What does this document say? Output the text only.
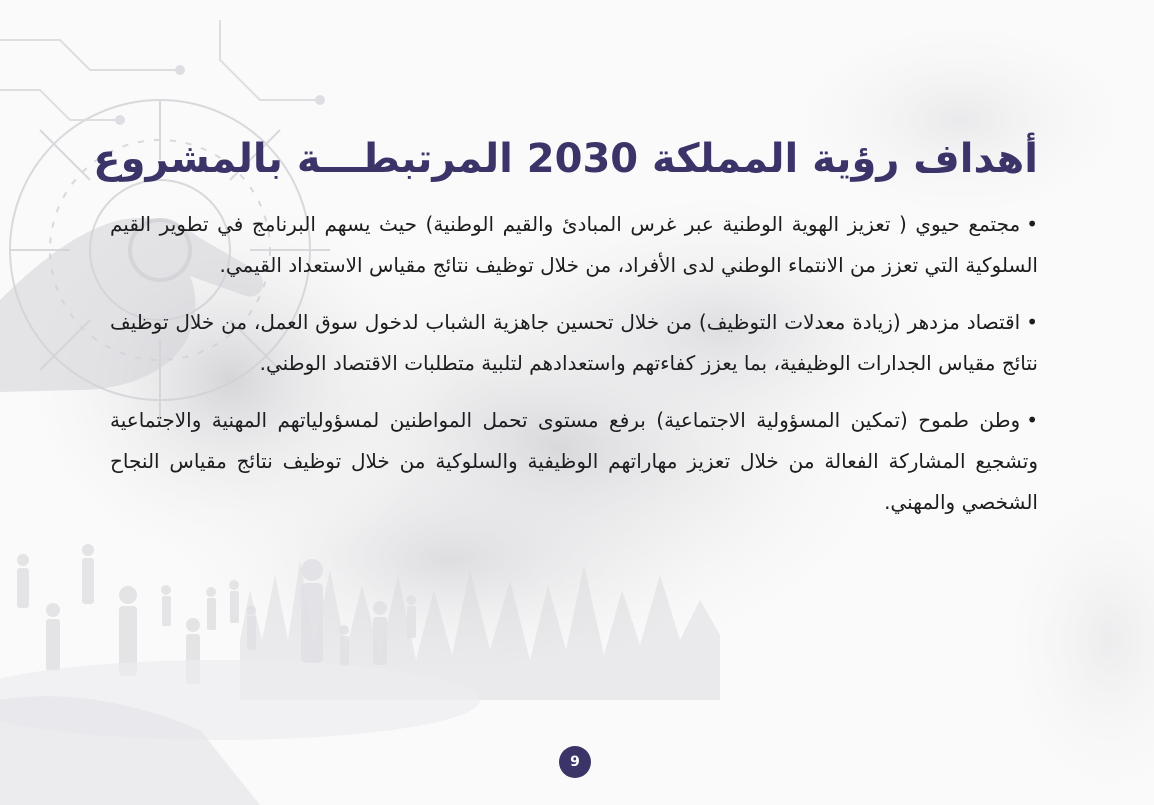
أهداف رؤية المملكة 2030 المرتبطـــة بالمشروع

•مجتمع حيوي ( تعزيز الهوية الوطنية عبر غرس المبادئ والقيم الوطنية) حيث يسهم البرنامج في تطوير القيم السلوكية التي تعزز من الانتماء الوطني لدى الأفراد، من خلال توظيف نتائج مقياس الاستعداد القيمي.

•اقتصاد مزدهر (زيادة معدلات التوظيف) من خلال تحسين جاهزية الشباب لدخول سوق العمل، من خلال توظيف نتائج مقياس الجدارات الوظيفية، بما يعزز كفاءتهم واستعدادهم لتلبية متطلبات الاقتصاد الوطني.

•وطن طموح (تمكين المسؤولية الاجتماعية) برفع مستوى تحمل المواطنين لمسؤولياتهم المهنية والاجتماعية وتشجيع المشاركة الفعالة من خلال تعزيز مهاراتهم الوظيفية والسلوكية من خلال توظيف نتائج مقياس النجاح الشخصي والمهني.

9
